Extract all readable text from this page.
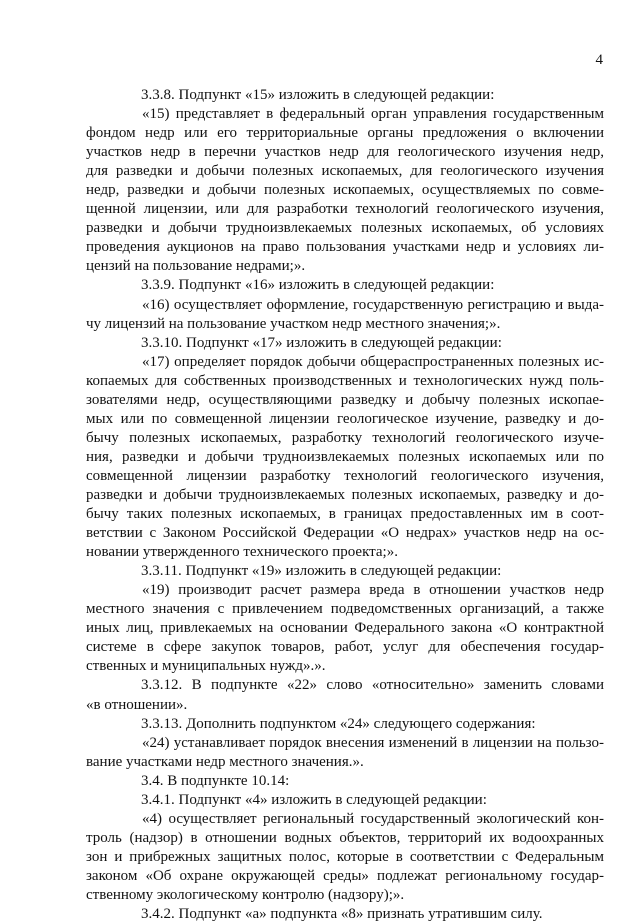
4
3.3.8. Подпункт «15» изложить в следующей редакции:
«15) представляет в федеральный орган управления государственным
фондом недр или его территориальные органы предложения о включении
участков недр в перечни участков недр для геологического изучения недр,
для разведки и добычи полезных ископаемых, для геологического изучения
недр, разведки и добычи полезных ископаемых, осуществляемых по совме-
щенной лицензии, или для разработки технологий геологического изучения,
разведки и добычи трудноизвлекаемых полезных ископаемых, об условиях
проведения аукционов на право пользования участками недр и условиях ли-
цензий на пользование недрами;».
3.3.9. Подпункт «16» изложить в следующей редакции:
«16) осуществляет оформление, государственную регистрацию и выда-
чу лицензий на пользование участком недр местного значения;».
3.3.10. Подпункт «17» изложить в следующей редакции:
«17) определяет порядок добычи общераспространенных полезных ис-
копаемых для собственных производственных и технологических нужд поль-
зователями недр, осуществляющими разведку и добычу полезных ископае-
мых или по совмещенной лицензии геологическое изучение, разведку и до-
бычу полезных ископаемых, разработку технологий геологического изуче-
ния, разведки и добычи трудноизвлекаемых полезных ископаемых или по
совмещенной лицензии разработку технологий геологического изучения,
разведки и добычи трудноизвлекаемых полезных ископаемых, разведку и до-
бычу таких полезных ископаемых, в границах предоставленных им в соот-
ветствии с Законом Российской Федерации «О недрах» участков недр на ос-
новании утвержденного технического проекта;».
3.3.11. Подпункт «19» изложить в следующей редакции:
«19) производит расчет размера вреда в отношении участков недр
местного значения с привлечением подведомственных организаций, а также
иных лиц, привлекаемых на основании Федерального закона «О контрактной
системе в сфере закупок товаров, работ, услуг для обеспечения государ-
ственных и муниципальных нужд».».
3.3.12. В подпункте «22» слово «относительно» заменить словами
«в отношении».
3.3.13. Дополнить подпунктом «24» следующего содержания:
«24) устанавливает порядок внесения изменений в лицензии на пользо-
вание участками недр местного значения.».
3.4. В подпункте 10.14:
3.4.1. Подпункт «4» изложить в следующей редакции:
«4) осуществляет региональный государственный экологический кон-
троль (надзор) в отношении водных объектов, территорий их водоохранных
зон и прибрежных защитных полос, которые в соответствии с Федеральным
законом «Об охране окружающей среды» подлежат региональному государ-
ственному экологическому контролю (надзору);».
3.4.2. Подпункт «а» подпункта «8» признать утратившим силу.
